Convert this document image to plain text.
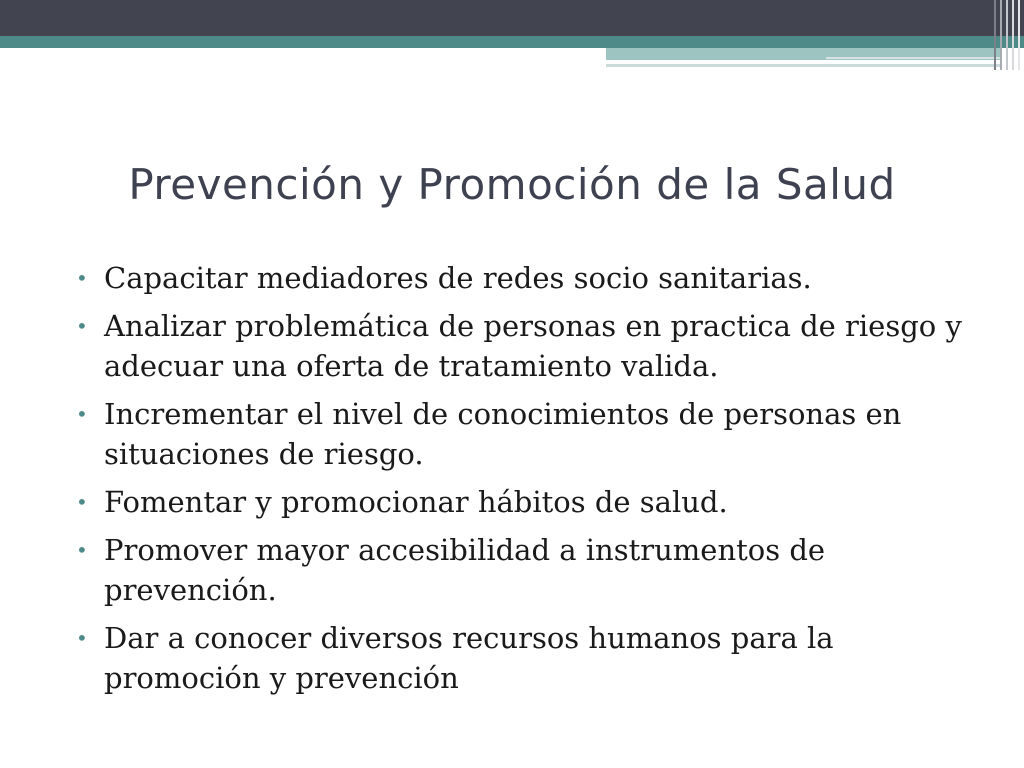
Prevención y Promoción de la Salud
• Capacitar mediadores de redes socio sanitarias.
• Analizar problemática de personas en practica de riesgo y adecuar una oferta de tratamiento valida.
• Incrementar el nivel de conocimientos de personas en situaciones de riesgo.
• Fomentar y promocionar hábitos de salud.
• Promover mayor accesibilidad a instrumentos de prevención.
• Dar a conocer diversos recursos humanos para la promoción y prevención
